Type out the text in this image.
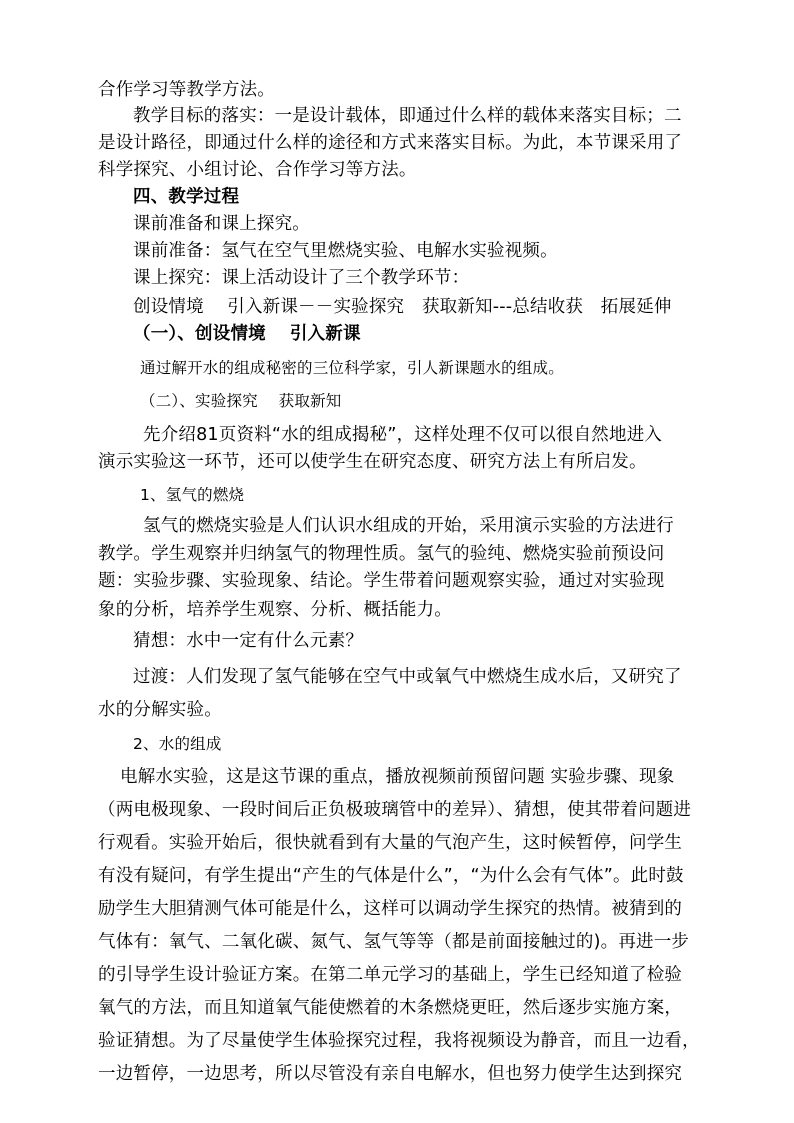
合作学习等教学方法。
教学目标的落实：一是设计载体，即通过什么样的载体来落实目标；二
是设计路径，即通过什么样的途径和方式来落实目标。为此，本节课采用了
科学探究、小组讨论、合作学习等方法。
四、教学过程
课前准备和课上探究。
课前准备：氢气在空气里燃烧实验、电解水实验视频。
课上探究：课上活动设计了三个教学环节：
创设情境　 引入新课－－实验探究　获取新知---总结收获　拓展延伸
（一）、创设情境　 引入新课
通过解开水的组成秘密的三位科学家，引人新课题水的组成。
（二）、实验探究　 获取新知
先介绍81页资料“水的组成揭秘”，这样处理不仅可以很自然地进入
演示实验这一环节，还可以使学生在研究态度、研究方法上有所启发。
1、氢气的燃烧
氢气的燃烧实验是人们认识水组成的开始，采用演示实验的方法进行
教学。学生观察并归纳氢气的物理性质。氢气的验纯、燃烧实验前预设问
题：实验步骤、实验现象、结论。学生带着问题观察实验，通过对实验现
象的分析，培养学生观察、分析、概括能力。
猜想：水中一定有什么元素？
过渡：人们发现了氢气能够在空气中或氧气中燃烧生成水后，又研究了
水的分解实验。
2、水的组成
电解水实验，这是这节课的重点，播放视频前预留问题 实验步骤、现象
（两电极现象、一段时间后正负极玻璃管中的差异）、猜想，使其带着问题进
行观看。实验开始后，很快就看到有大量的气泡产生，这时候暂停，问学生
有没有疑问，有学生提出“产生的气体是什么”，“为什么会有气体”。此时鼓
励学生大胆猜测气体可能是什么，这样可以调动学生探究的热情。被猜到的
气体有：氧气、二氧化碳、氮气、氢气等等（都是前面接触过的)。再进一步
的引导学生设计验证方案。在第二单元学习的基础上，学生已经知道了检验
氧气的方法，而且知道氧气能使燃着的木条燃烧更旺，然后逐步实施方案，
验证猜想。为了尽量使学生体验探究过程，我将视频设为静音，而且一边看，
一边暂停，一边思考，所以尽管没有亲自电解水，但也努力使学生达到探究
